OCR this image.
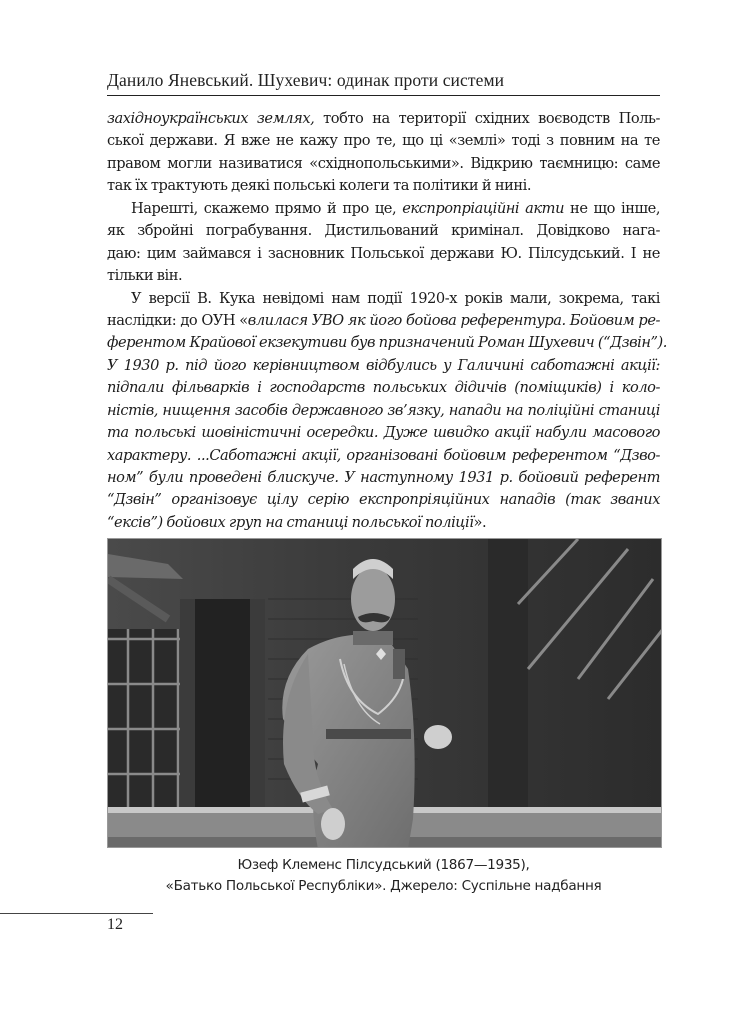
Данило Яневський. Шухевич: одинак проти системи
західноукраїнських землях, тобто на території східних воєводств Поль-
ської держави. Я вже не кажу про те, що ці «землі» тоді з повним на те
правом могли називатися «східнопольськими». Відкрию таємницю: саме
так їх трактують деякі польські колеги та політики й нині.
Нарешті, скажемо прямо й про це, експропріаційні акти не що інше,
як збройні пограбування. Дистильований кримінал. Довідково нага-
даю: цим займався і засновник Польської держави Ю. Пілсудський. І не
тільки він.
У версії В. Кука невідомі нам події 1920-х років мали, зокрема, такі
наслідки: до ОУН «влилася УВО як його бойова референтура. Бойовим ре-
ферентом Крайової екзекутиви був призначений Роман Шухевич (“Дзвін”).
У 1930 р. під його керівництвом відбулись у Галичині саботажні акції:
підпали фільварків і господарств польських дідичів (поміщиків) і коло-
ністів, нищення засобів державного зв’язку, напади на поліційні станиці
та польські шовіністичні осередки. Дуже швидко акції набули масового
характеру. ...Саботажні акції, організовані бойовим референтом “Дзво-
ном” були проведені блискуче. У наступному 1931 р. бойовий референт
“Дзвін” організовує цілу серію експропріяційних нападів (так званих
“ексів”) бойових груп на станиці польської поліції».
Юзеф Клеменс Пілсудський (1867—1935),
«Батько Польської Республіки». Джерело: Суспільне надбання
12
